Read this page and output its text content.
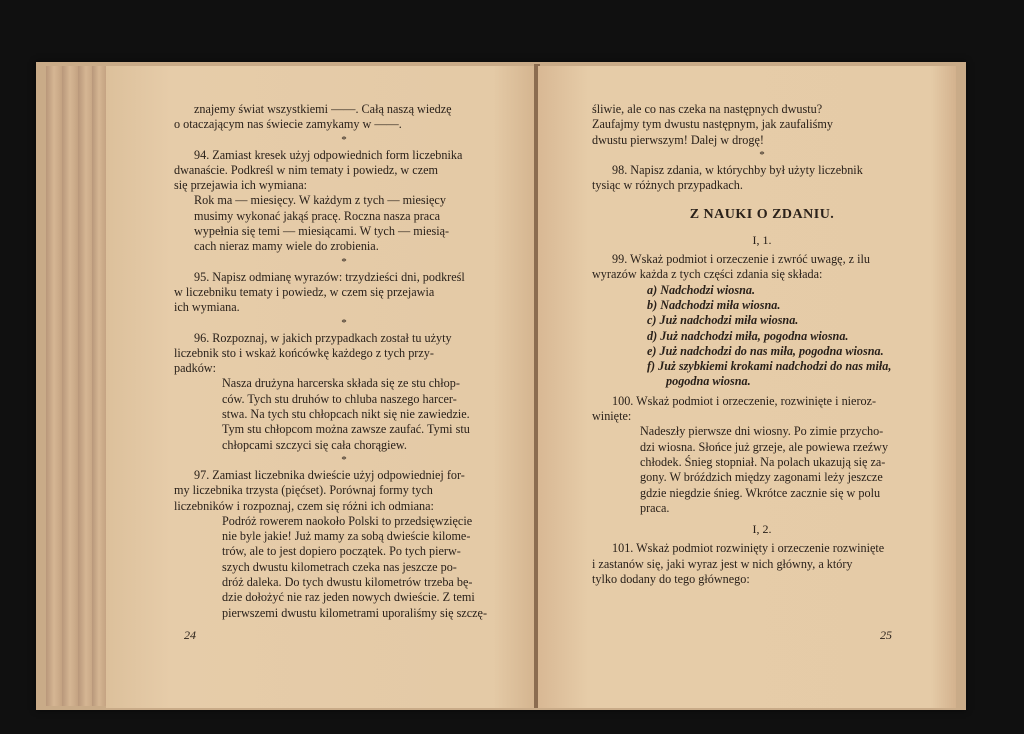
znajemy świat wszystkiemi ——. Całą naszą wiedzę

o otaczającym nas świecie zamykamy w ——.

*

94. Zamiast kresek użyj odpowiednich form liczebnika

dwanaście. Podkreśl w nim tematy i powiedz, w czem

się przejawia ich wymiana:

Rok ma — miesięcy. W każdym z tych — miesięcy

musimy wykonać jakąś pracę. Roczna nasza praca

wypełnia się temi — miesiącami. W tych — miesią-

cach nieraz mamy wiele do zrobienia.

*

95. Napisz odmianę wyrazów: trzydzieści dni, podkreśl

w liczebniku tematy i powiedz, w czem się przejawia

ich wymiana.

*

96. Rozpoznaj, w jakich przypadkach został tu użyty

liczebnik sto i wskaż końcówkę każdego z tych przy-

padków:

Nasza drużyna harcerska składa się ze stu chłop-

ców. Tych stu druhów to chluba naszego harcer-

stwa. Na tych stu chłopcach nikt się nie zawiedzie.

Tym stu chłopcom można zawsze zaufać. Tymi stu

chłopcami szczyci się cała chorągiew.

*

97. Zamiast liczebnika dwieście użyj odpowiedniej for-

my liczebnika trzysta (pięćset). Porównaj formy tych

liczebników i rozpoznaj, czem się różni ich odmiana:

Podróż rowerem naokoło Polski to przedsięwzięcie

nie byle jakie! Już mamy za sobą dwieście kilome-

trów, ale to jest dopiero początek. Po tych pierw-

szych dwustu kilometrach czeka nas jeszcze po-

dróż daleka. Do tych dwustu kilometrów trzeba bę-

dzie dołożyć nie raz jeden nowych dwieście. Z temi

pierwszemi dwustu kilometrami uporaliśmy się szczę-

24

śliwie, ale co nas czeka na następnych dwustu?

Zaufajmy tym dwustu następnym, jak zaufaliśmy

dwustu pierwszym! Dalej w drogę!

*

98. Napisz zdania, w którychby był użyty liczebnik

tysiąc w różnych przypadkach.

Z NAUKI O ZDANIU.

I, 1.

99. Wskaż podmiot i orzeczenie i zwróć uwagę, z ilu

wyrazów każda z tych części zdania się składa:

a) Nadchodzi wiosna.

b) Nadchodzi miła wiosna.

c) Już nadchodzi miła wiosna.

d) Już nadchodzi miła, pogodna wiosna.

e) Już nadchodzi do nas miła, pogodna wiosna.

f) Już szybkiemi krokami nadchodzi do nas miła,

pogodna wiosna.

100. Wskaż podmiot i orzeczenie, rozwinięte i nieroz-

winięte:

Nadeszły pierwsze dni wiosny. Po zimie przycho-

dzi wiosna. Słońce już grzeje, ale powiewa rzeźwy

chłodek. Śnieg stopniał. Na polach ukazują się za-

gony. W bróździch między zagonami leży jeszcze

gdzie niegdzie śnieg. Wkrótce zacznie się w polu

praca.

I, 2.

101. Wskaż podmiot rozwinięty i orzeczenie rozwinięte

i zastanów się, jaki wyraz jest w nich główny, a który

tylko dodany do tego głównego:

25
